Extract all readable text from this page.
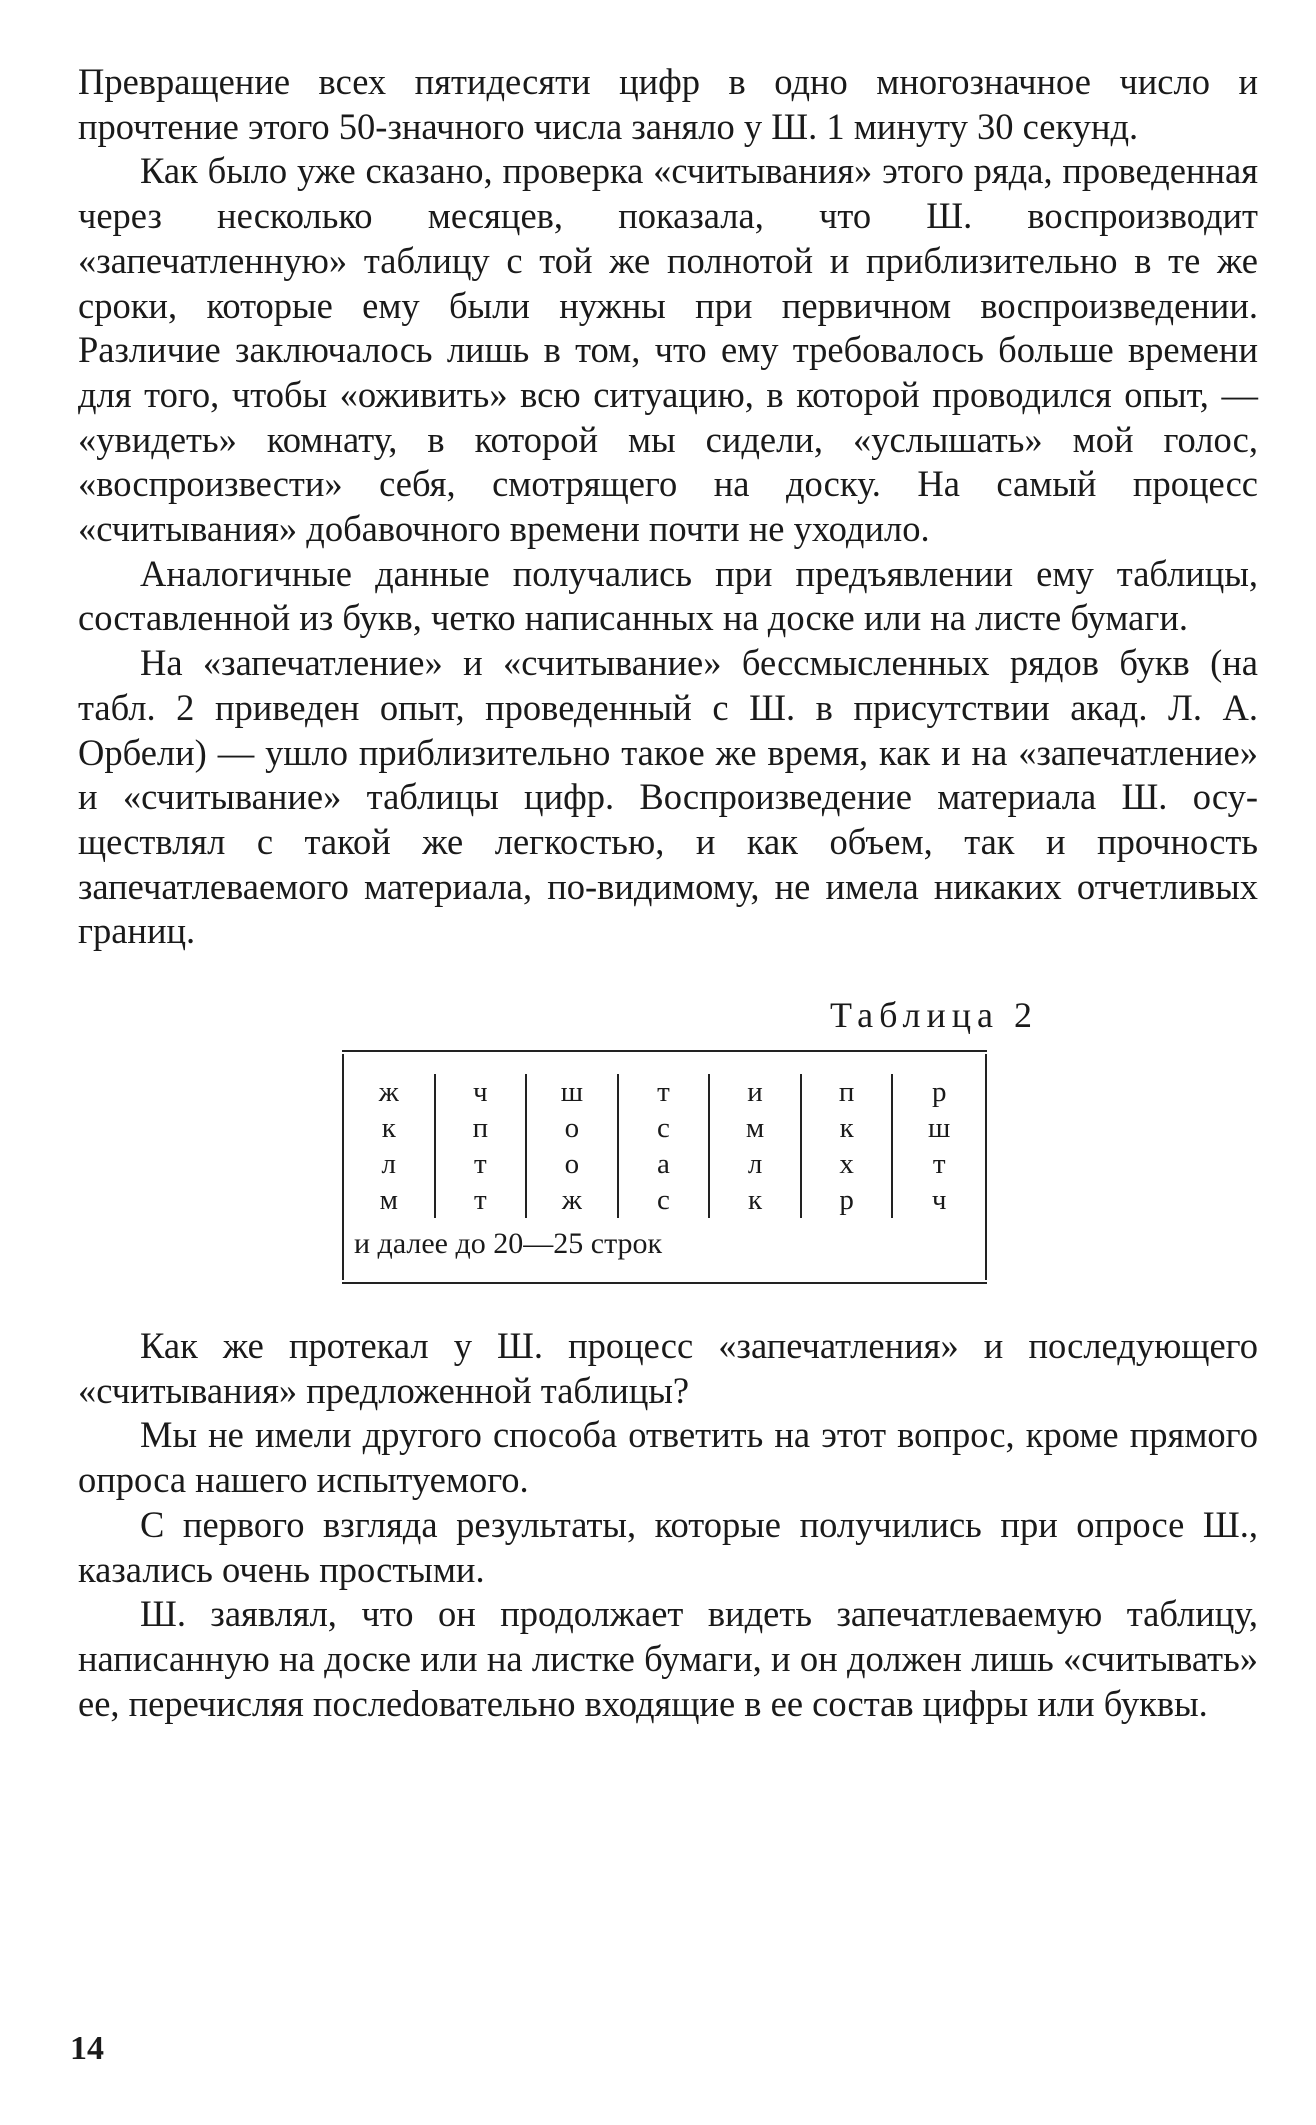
Превращение всех пятидесяти цифр в одно многозначное число и прочтение этого 50-значного числа заняло у Ш. 1 минуту 30 секунд.

Как было уже сказано, проверка «считывания» этого ряда, проведенная через несколько месяцев, показала, что Ш. воспроизводит «запечатленную» таблицу с той же полнотой и приблизительно в те же сроки, которые ему были нужны при первичном воспроизведении. Различие заключалось лишь в том, что ему требовалось больше времени для того, чтобы «оживить» всю ситуацию, в которой проводился опыт, — «увидеть» комнату, в которой мы сидели, «услышать» мой голос, «воспроизвести» себя, смотрящего на доску. На самый процесс «считывания» добавочного времени почти не уходило.

Аналогичные данные получались при предъявлении ему таблицы, составленной из букв, четко написанных на доске или на листе бумаги.

На «запечатление» и «считывание» бессмысленных рядов букв (на табл. 2 приведен опыт, проведенный с Ш. в присутствии акад. Л. А. Орбели) — ушло приблизительно такое же время, как и на «запечатление» и «считывание» таблицы цифр. Воспроизведение материала Ш. осуществлял с такой же легкостью, и как объем, так и прочность запечатлеваемого материала, по-видимому, не имела никаких отчетливых границ.

Таблица 2
ж
к
л
м
ч
п
т
т
ш
о
о
ж
т
с
а
с
и
м
л
к
п
к
х
р
р
ш
т
ч
и далее до 20—25 строк

Как же протекал у Ш. процесс «запечатления» и последующего «считывания» предложенной таблицы?

Мы не имели другого способа ответить на этот вопрос, кроме прямого опроса нашего испытуемого.

С первого взгляда результаты, которые получились при опросе Ш., казались очень простыми.

Ш. заявлял, что он продолжает видеть запечатлеваемую таблицу, написанную на доске или на листке бумаги, и он должен лишь «считывать» ее, перечисляя послеdовательно входящие в ее состав цифры или буквы.

14
